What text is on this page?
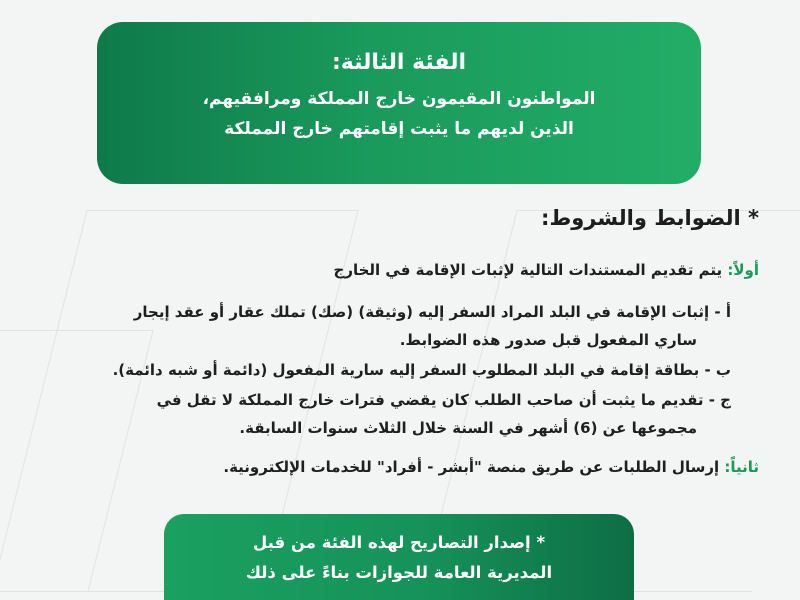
الفئة الثالثة:
المواطنون المقيمون خارج المملكة ومرافقيهم،
الذين لديهم ما يثبت إقامتهم خارج المملكة
* الضوابط والشروط:
أولاً: يتم تقديم المستندات التالية لإثبات الإقامة في الخارج
أ - إثبات الإقامة في البلد المراد السفر إليه (وثيقة) (صك) تملك عقار أو عقد إيجار
ساري المفعول قبل صدور هذه الضوابط.
ب - بطاقة إقامة في البلد المطلوب السفر إليه سارية المفعول (دائمة أو شبه دائمة).
ج - تقديم ما يثبت أن صاحب الطلب كان يقضي فترات خارج المملكة لا تقل في
مجموعها عن (6) أشهر في السنة خلال الثلاث سنوات السابقة.
ثانياً: إرسال الطلبات عن طريق منصة "أبشر - أفراد" للخدمات الإلكترونية.
* إصدار التصاريح لهذه الفئة من قبل
المديرية العامة للجوازات بناءً على ذلك
